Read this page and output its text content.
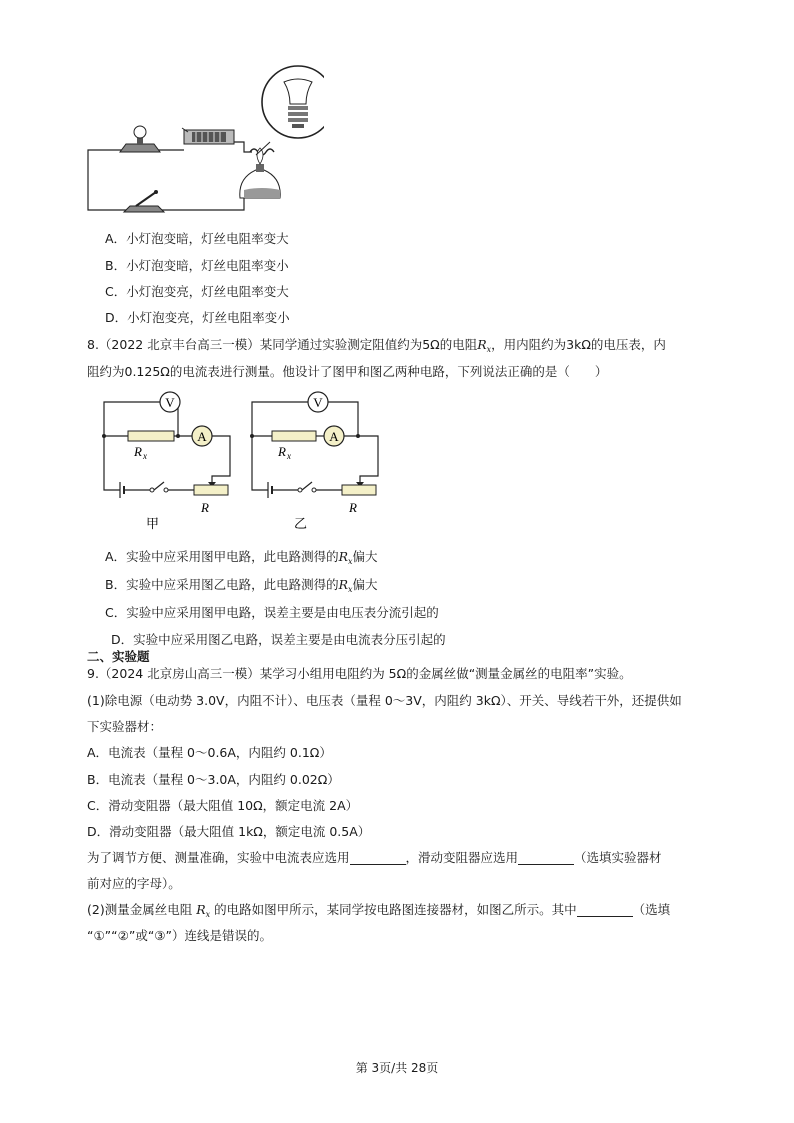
A．小灯泡变暗，灯丝电阻率变大
B．小灯泡变暗，灯丝电阻率变小
C．小灯泡变亮，灯丝电阻率变大
D．小灯泡变亮，灯丝电阻率变小
8.（2022 北京丰台高三一模）某同学通过实验测定阻值约为5Ω的电阻$R_x$，用内阻约为3kΩ的电压表，内
阻约为0.125Ω的电流表进行测量。他设计了图甲和图乙两种电路，下列说法正确的是（　　）
V
A
R x
R
甲
V
A
R x
R
乙
A．实验中应采用图甲电路，此电路测得的$R_x$偏大
B．实验中应采用图乙电路，此电路测得的$R_x$偏大
C．实验中应采用图甲电路，误差主要是由电压表分流引起的
D．实验中应采用图乙电路，误差主要是由电流表分压引起的
二、实验题
9.（2024 北京房山高三一模）某学习小组用电阻约为 5Ω的金属丝做“测量金属丝的电阻率”实验。
(1)除电源（电动势 3.0V，内阻不计）、电压表（量程 0～3V，内阻约 3kΩ）、开关、导线若干外，还提供如
下实验器材：
A．电流表（量程 0～0.6A，内阻约 0.1Ω）
B．电流表（量程 0～3.0A，内阻约 0.02Ω）
C．滑动变阻器（最大阻值 10Ω，额定电流 2A）
D．滑动变阻器（最大阻值 1kΩ，额定电流 0.5A）
为了调节方便、测量准确，实验中电流表应选用	，滑动变阻器应选用	（选填实验器材
前对应的字母）。
(2)测量金属丝电阻 $R_x$ 的电路如图甲所示，某同学按电路图连接器材，如图乙所示。其中	（选填
“①”“②”或“③”）连线是错误的。
第 3页/共 28页
